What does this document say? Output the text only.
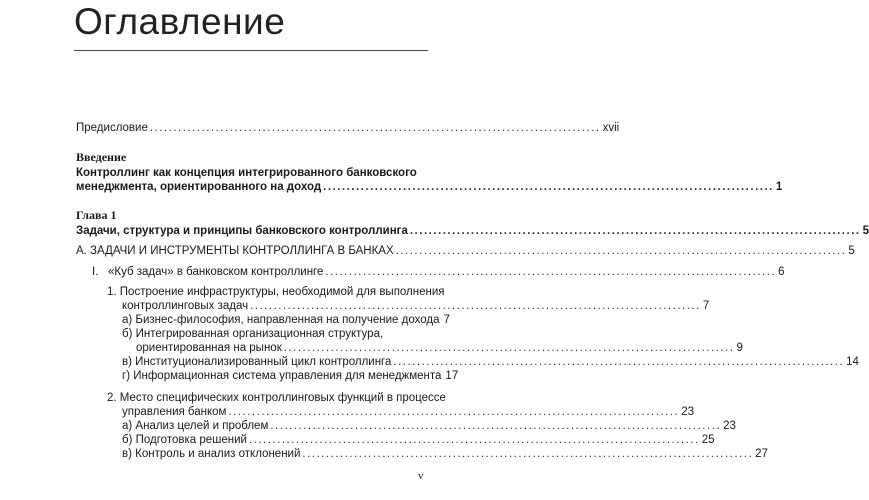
Оглавление
Предисловие ................................................................................................ xvii
Введение
Контроллинг как концепция интегрированного банковского
менеджмента, ориентированного на доход ................................................................................................ 1
Глава 1
Задачи, структура и принципы банковского контроллинга ................................................................................................ 5
A. ЗАДАЧИ И ИНСТРУМЕНТЫ КОНТРОЛЛИНГА В БАНКАХ ................................................................................................ 5
I.   «Куб задач» в банковском контроллинге ................................................................................................ 6
1. Построение инфраструктуры, необходимой для выполнения
контроллинговых задач ................................................................................................ 7
а) Бизнес-философия, направленная на получение дохода 7
б) Интегрированная организационная структура,
ориентированная на рынок ................................................................................................ 9
в) Институционализированный цикл контроллинга ................................................................................................ 14
г) Информационная система управления для менеджмента 17
2. Место специфических контроллинговых функций в процессе
управления банком ................................................................................................ 23
а) Анализ целей и проблем ................................................................................................ 23
б) Подготовка решений ................................................................................................ 25
в) Контроль и анализ отклонений ................................................................................................ 27
v
